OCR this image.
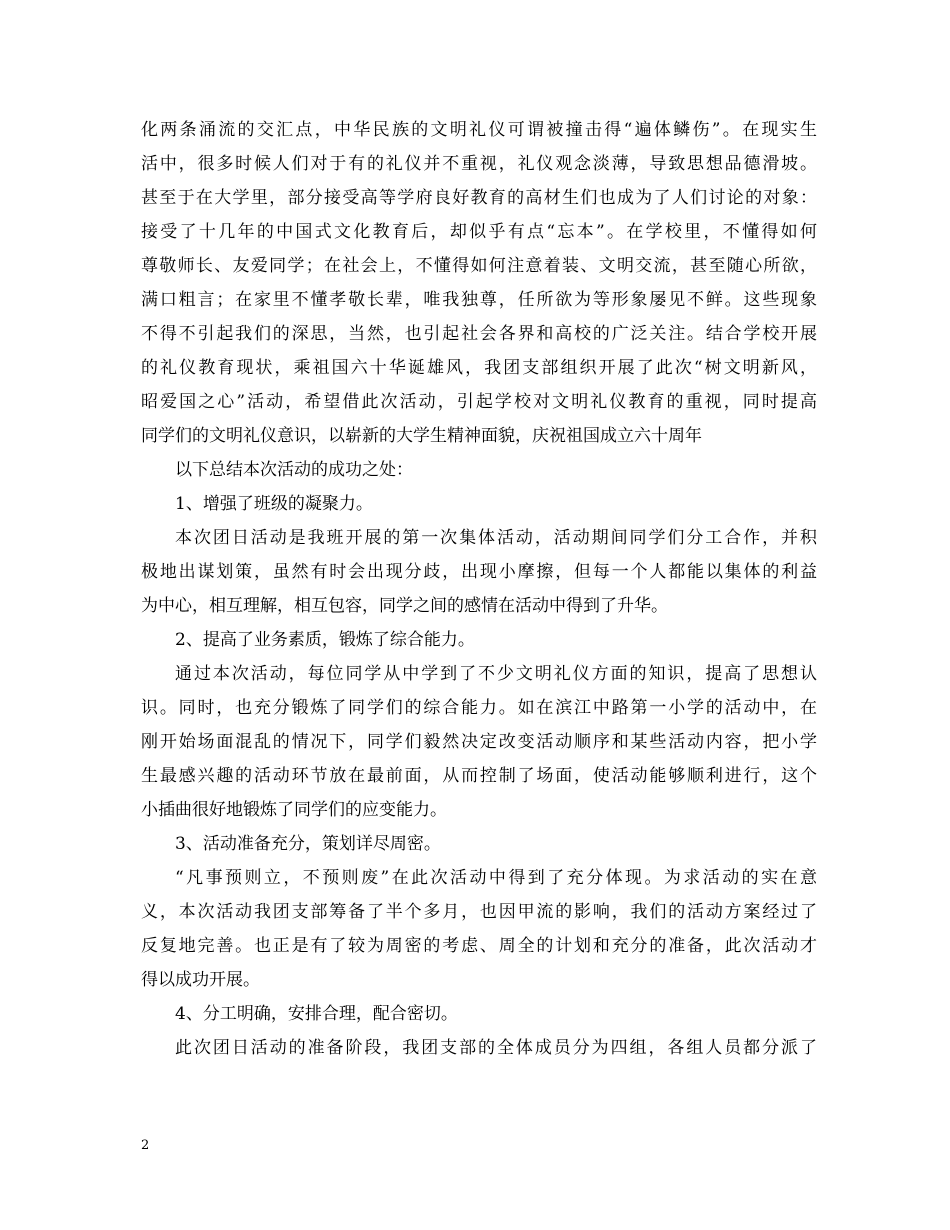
化两条涌流的交汇点，中华民族的文明礼仪可谓被撞击得“遍体鳞伤”。在现实生
活中，很多时候人们对于有的礼仪并不重视，礼仪观念淡薄，导致思想品德滑坡。
甚至于在大学里，部分接受高等学府良好教育的高材生们也成为了人们讨论的对象：
接受了十几年的中国式文化教育后，却似乎有点“忘本”。在学校里，不懂得如何
尊敬师长、友爱同学；在社会上，不懂得如何注意着装、文明交流，甚至随心所欲，
满口粗言；在家里不懂孝敬长辈，唯我独尊，任所欲为等形象屡见不鲜。这些现象
不得不引起我们的深思，当然，也引起社会各界和高校的广泛关注。结合学校开展
的礼仪教育现状，乘祖国六十华诞雄风，我团支部组织开展了此次“树文明新风，
昭爱国之心”活动，希望借此次活动，引起学校对文明礼仪教育的重视，同时提高
同学们的文明礼仪意识，以崭新的大学生精神面貌，庆祝祖国成立六十周年
以下总结本次活动的成功之处：
1、增强了班级的凝聚力。
本次团日活动是我班开展的第一次集体活动，活动期间同学们分工合作，并积
极地出谋划策，虽然有时会出现分歧，出现小摩擦，但每一个人都能以集体的利益
为中心，相互理解，相互包容，同学之间的感情在活动中得到了升华。
2、提高了业务素质，锻炼了综合能力。
通过本次活动，每位同学从中学到了不少文明礼仪方面的知识，提高了思想认
识。同时，也充分锻炼了同学们的综合能力。如在滨江中路第一小学的活动中，在
刚开始场面混乱的情况下，同学们毅然决定改变活动顺序和某些活动内容，把小学
生最感兴趣的活动环节放在最前面，从而控制了场面，使活动能够顺利进行，这个
小插曲很好地锻炼了同学们的应变能力。
3、活动准备充分，策划详尽周密。
“凡事预则立，不预则废”在此次活动中得到了充分体现。为求活动的实在意
义，本次活动我团支部筹备了半个多月，也因甲流的影响，我们的活动方案经过了
反复地完善。也正是有了较为周密的考虑、周全的计划和充分的准备，此次活动才
得以成功开展。
4、分工明确，安排合理，配合密切。
此次团日活动的准备阶段，我团支部的全体成员分为四组，各组人员都分派了
2
